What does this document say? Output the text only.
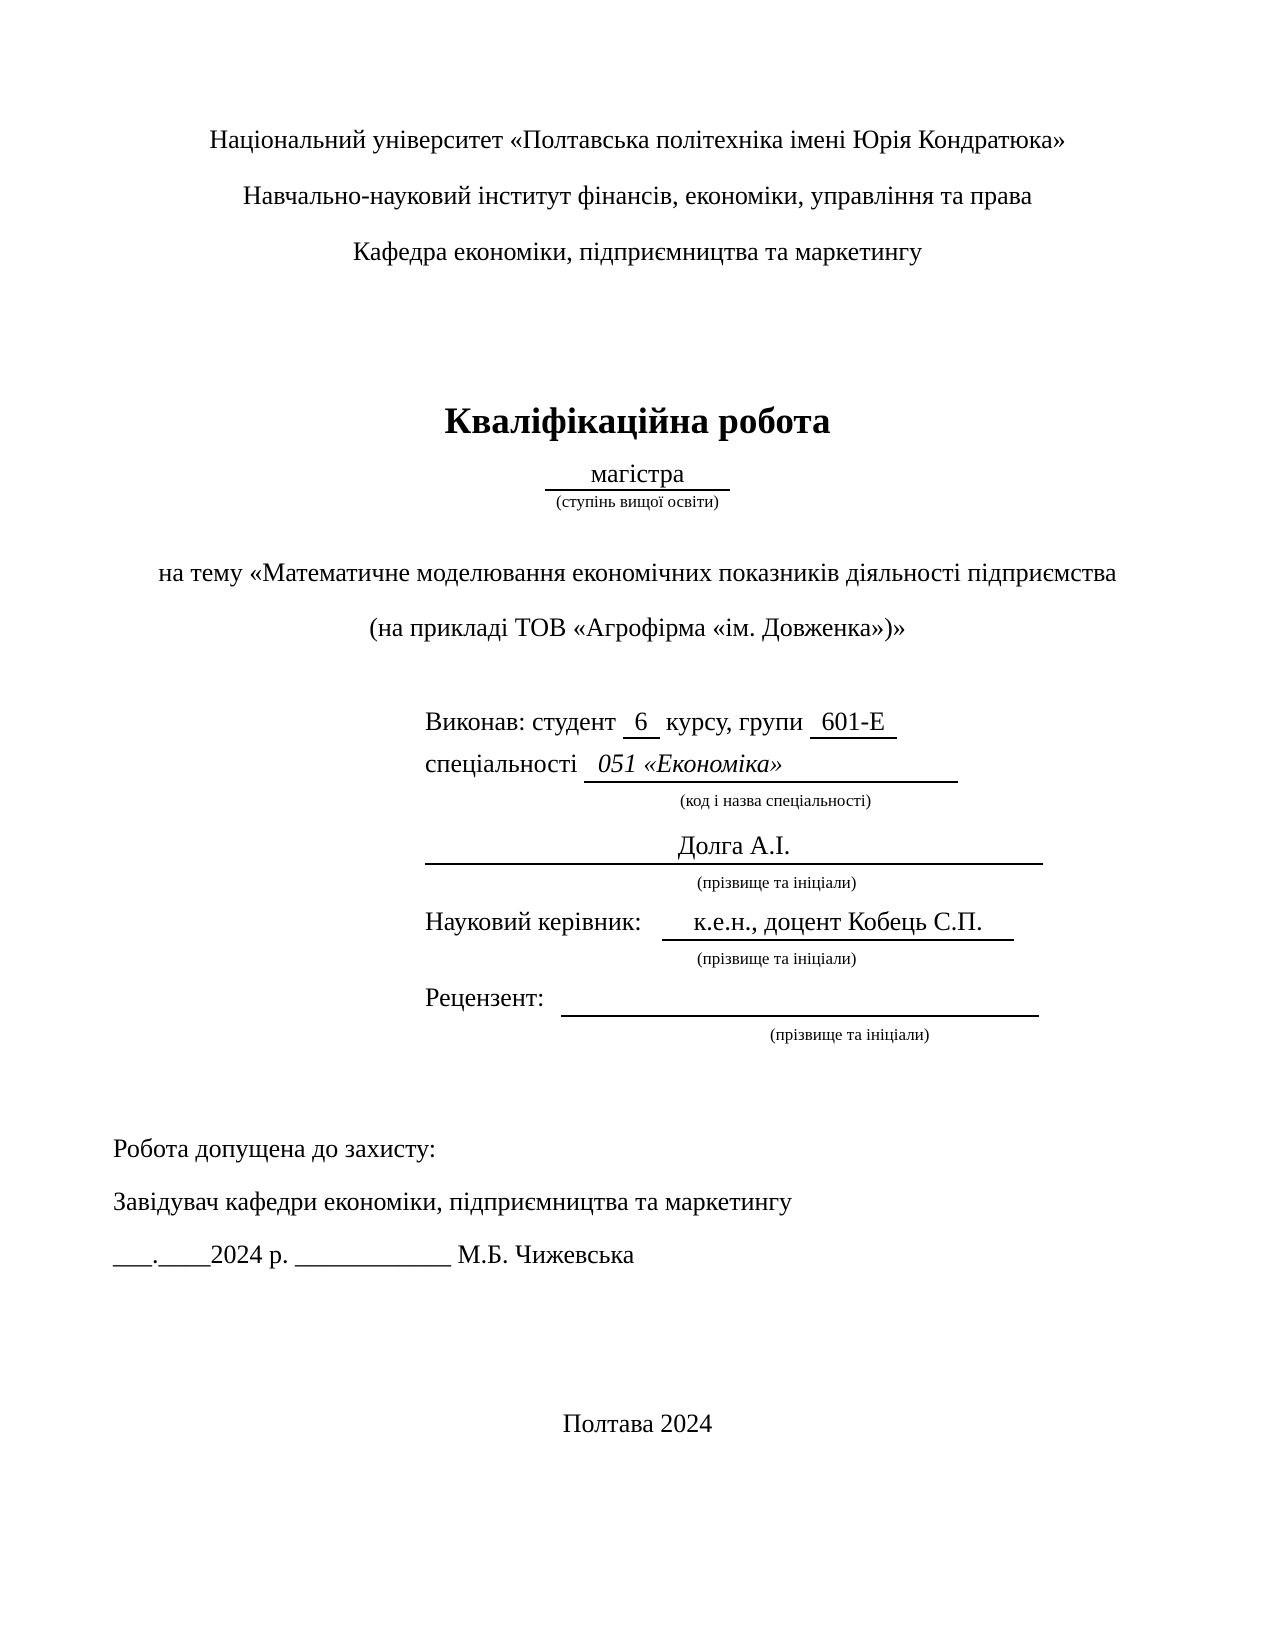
Національний університет «Полтавська політехніка імені Юрія Кондратюка»

Навчально-науковий інститут фінансів, економіки, управління та права

Кафедра економіки, підприємництва та маркетингу

Кваліфікаційна робота
магістра
(ступінь вищої освіти)

на тему «Математичне моделювання економічних показників діяльності підприємства

(на прикладі ТОВ «Агрофірма «ім. Довженка»)»

Виконав: студент 6 курсу, групи 601-Е

спеціальності 051 «Економіка»

(код і назва спеціальності)

Долга А.І.

(прізвище та ініціали)

Науковий керівник: к.е.н., доцент Кобець С.П.

(прізвище та ініціали)

Рецензент:

(прізвище та ініціали)

Робота допущена до захисту:

Завідувач кафедри економіки, підприємництва та маркетингу

___.____2024 р. ____________ М.Б. Чижевська

Полтава 2024
